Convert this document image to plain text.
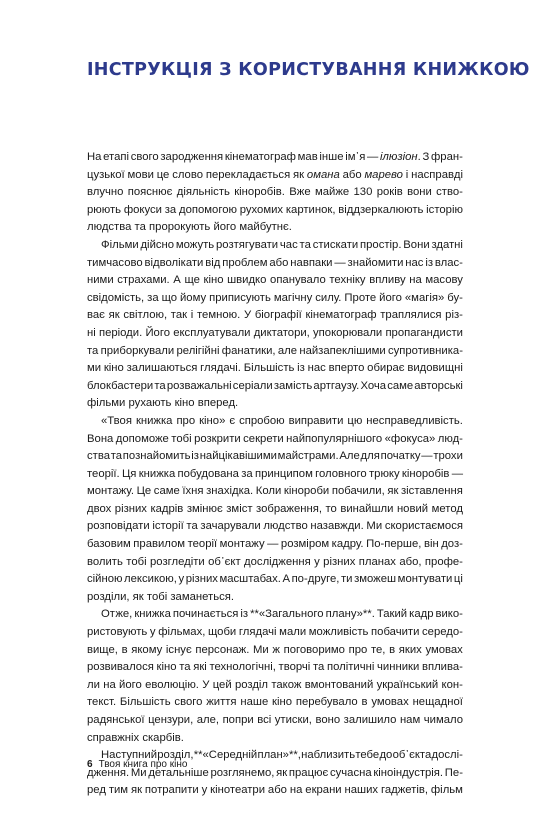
ІНСТРУКЦІЯ З КОРИСТУВАННЯ КНИЖКОЮ
На етапі свого зародження кінематограф мав інше ім᾽я — ілюзіон. З фран-
цузької мови це слово перекладається як омана або марево і насправді
влучно пояснює діяльність кіноробів. Вже майже 130 років вони ство-
рюють фокуси за допомогою рухомих картинок, віддзеркалюють історію
людства та пророкують його майбутнє.
Фільми дійсно можуть розтягувати час та стискати простір. Вони здатні
тимчасово відволікати від проблем або навпаки — знайомити нас із влас-
ними страхами. А ще кіно швидко опанувало техніку впливу на масову
свідомість, за що йому приписують магічну силу. Проте його «магія» бу-
ває як світлою, так і темною. У біографії кінематограф траплялися різ-
ні періоди. Його експлуатували диктатори, упокорювали пропагандисти
та приборкували релігійні фанатики, але найзапеклішими супротивника-
ми кіно залишаються глядачі. Більшість із нас вперто обирає видовищні
блокбастери та розважальні серіали замість артгаузу. Хоча саме авторські
фільми рухають кіно вперед.
«Твоя книжка про кіно» є спробою виправити цю несправедливість.
Вона допоможе тобі розкрити секрети найпопулярнішого «фокуса» люд-
ства та познайомить із найцікавішими майстрами. Але для початку — трохи
теорії. Ця книжка побудована за принципом головного трюку кіноробів —
монтажу. Це саме їхня знахідка. Коли кінороби побачили, як зіставлення
двох різних кадрів змінює зміст зображення, то винайшли новий метод
розповідати історії та зачарували людство назавжди. Ми скористаємося
базовим правилом теорії монтажу — розміром кадру. По-перше, він доз-
волить тобі розгледіти об᾽єкт дослідження у різних планах або, профе-
сійною лексикою, у різних масштабах. А по-друге, ти зможеш монтувати ці
розділи, як тобі заманеться.
Отже, книжка починається із **«Загального плану»**. Такий кадр вико-
ристовують у фільмах, щоби глядачі мали можливість побачити середо-
вище, в якому існує персонаж. Ми ж поговоримо про те, в яких умовах
розвивалося кіно та які технологічні, творчі та політичні чинники вплива-
ли на його еволюцію. У цей розділ також вмонтований український кон-
текст. Більшість свого життя наше кіно перебувало в умовах нещадної
радянської цензури, але, попри всі утиски, воно залишило нам чимало
справжніх скарбів.
Наступний розділ, **«Середній план»**, наблизить тебе до об᾽єкта дослі-
дження. Ми детальніше розглянемо, як працює сучасна кіноіндустрія. Пе-
ред тим як потрапити у кінотеатри або на екрани наших гаджетів, фільм
6 Твоя книга про кіно
